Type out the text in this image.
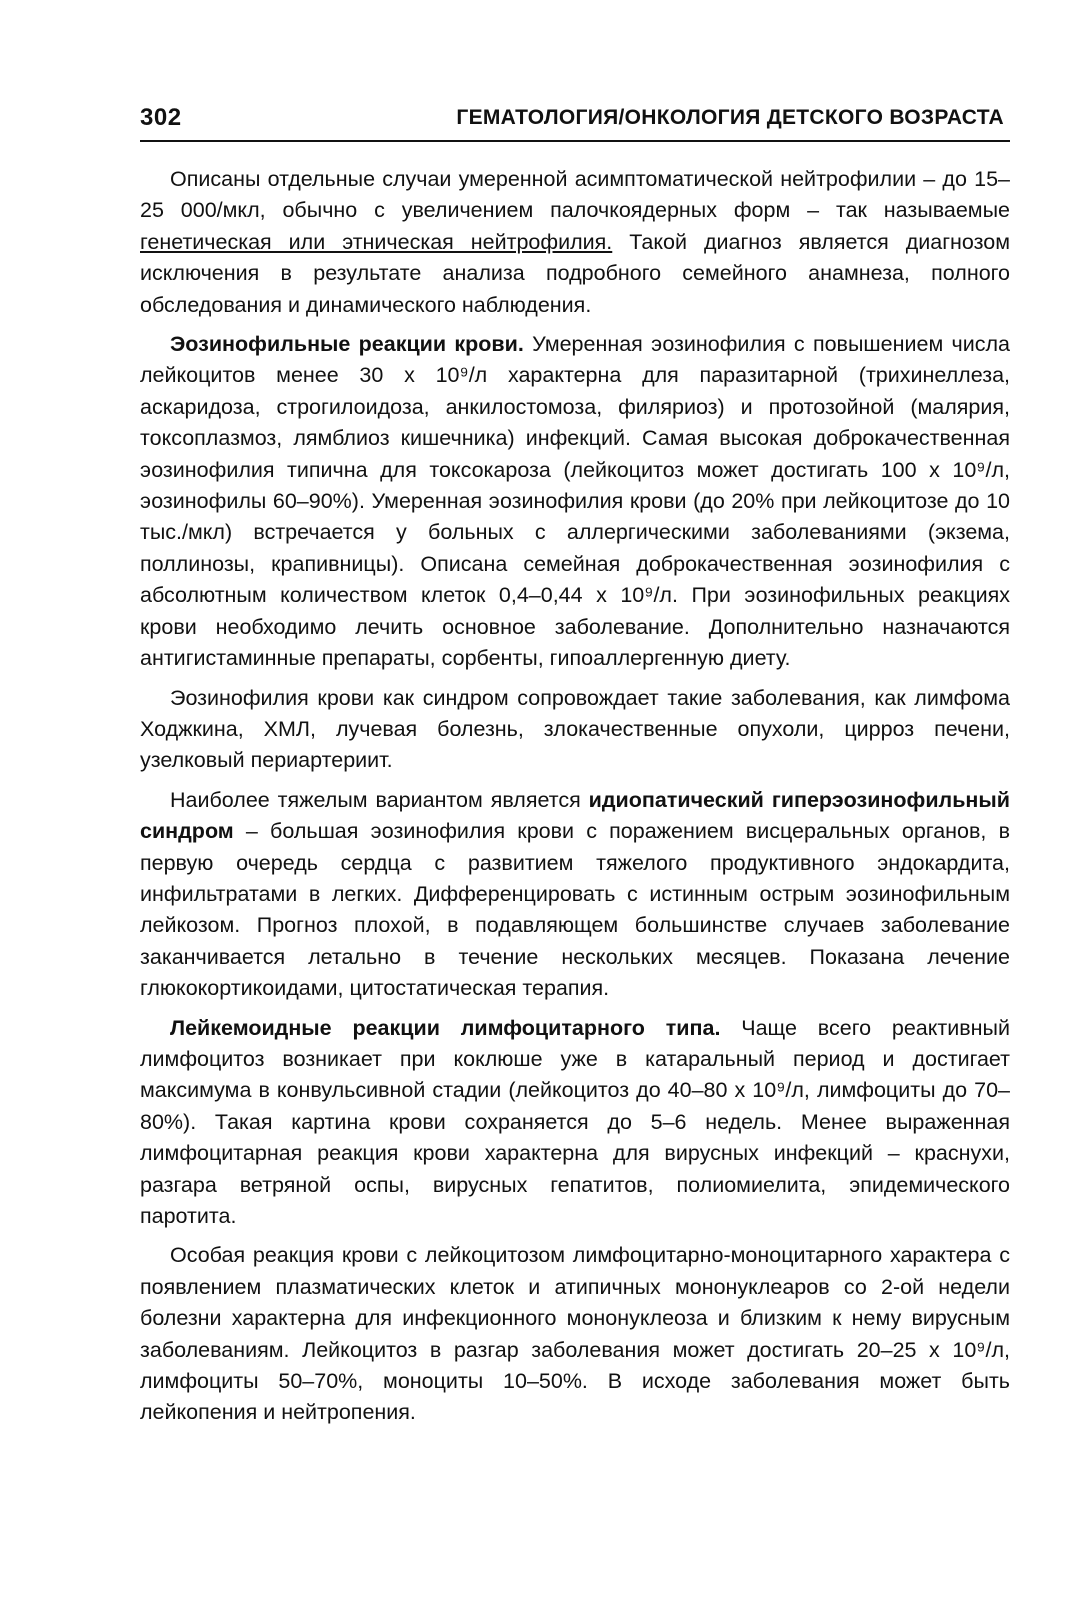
302	ГЕМАТОЛОГИЯ/ОНКОЛОГИЯ ДЕТСКОГО ВОЗРАСТА

Описаны отдельные случаи умеренной асимптоматической нейтрофилии – до 15–25 000/мкл, обычно с увеличением палочкоядерных форм – так называемые генетическая или этническая нейтрофилия. Такой диагноз является диагнозом исключения в результате анализа подробного семейного анамнеза, полного обследования и динамического наблюдения.

Эозинофильные реакции крови. Умеренная эозинофилия с повышением числа лейкоцитов менее 30 х 10⁹/л характерна для паразитарной (трихинеллеза, аскаридоза, строгилоидоза, анкилостомоза, филяриоз) и протозойной (малярия, токсоплазмоз, лямблиоз кишечника) инфекций. Самая высокая доброкачественная эозинофилия типична для токсокароза (лейкоцитоз может достигать 100 х 10⁹/л, эозинофилы 60–90%). Умеренная эозинофилия крови (до 20% при лейкоцитозе до 10 тыс./мкл) встречается у больных с аллергическими заболеваниями (экзема, поллинозы, крапивницы). Описана семейная доброкачественная эозинофилия с абсолютным количеством клеток 0,4–0,44 х 10⁹/л. При эозинофильных реакциях крови необходимо лечить основное заболевание. Дополнительно назначаются антигистаминные препараты, сорбенты, гипоаллергенную диету.

Эозинофилия крови как синдром сопровождает такие заболевания, как лимфома Ходжкина, ХМЛ, лучевая болезнь, злокачественные опухоли, цирроз печени, узелковый периартериит.

Наиболее тяжелым вариантом является идиопатический гиперэозинофильный синдром – большая эозинофилия крови с поражением висцеральных органов, в первую очередь сердца с развитием тяжелого продуктивного эндокардита, инфильтратами в легких. Дифференцировать с истинным острым эозинофильным лейкозом. Прогноз плохой, в подавляющем большинстве случаев заболевание заканчивается летально в течение нескольких месяцев. Показана лечение глюкокортикоидами, цитостатическая терапия.

Лейкемоидные реакции лимфоцитарного типа. Чаще всего реактивный лимфоцитоз возникает при коклюше уже в катаральный период и достигает максимума в конвульсивной стадии (лейкоцитоз до 40–80 х 10⁹/л, лимфоциты до 70–80%). Такая картина крови сохраняется до 5–6 недель. Менее выраженная лимфоцитарная реакция крови характерна для вирусных инфекций – краснухи, разгара ветряной оспы, вирусных гепатитов, полиомиелита, эпидемического паротита.

Особая реакция крови с лейкоцитозом лимфоцитарно-моноцитарного характера с появлением плазматических клеток и атипичных мононуклеаров со 2-ой недели болезни характерна для инфекционного мононуклеоза и близким к нему вирусным заболеваниям. Лейкоцитоз в разгар заболевания может достигать 20–25 х 10⁹/л, лимфоциты 50–70%, моноциты 10–50%. В исходе заболевания может быть лейкопения и нейтропения.
